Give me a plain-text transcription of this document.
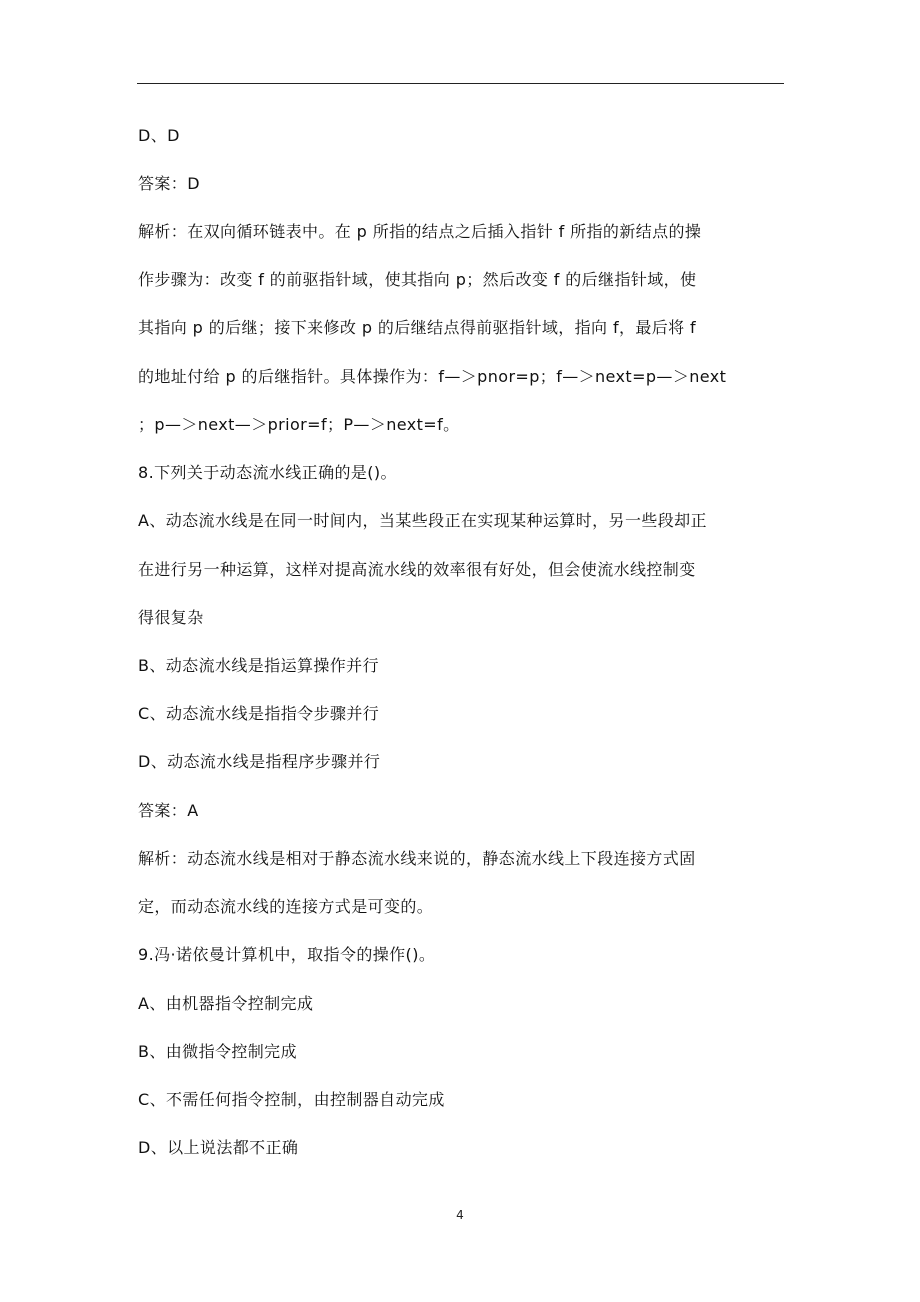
D、D
答案：D
解析：在双向循环链表中。在 p 所指的结点之后插入指针 f 所指的新结点的操
作步骤为：改变 f 的前驱指针域，使其指向 p；然后改变 f 的后继指针域，使
其指向 p 的后继；接下来修改 p 的后继结点得前驱指针域，指向 f，最后将 f
的地址付给 p 的后继指针。具体操作为：f—＞pnor=p；f—＞next=p—＞next
；p—＞next—＞prior=f；P—＞next=f。
8.下列关于动态流水线正确的是()。
A、动态流水线是在同一时间内，当某些段正在实现某种运算时，另一些段却正
在进行另一种运算，这样对提高流水线的效率很有好处，但会使流水线控制变
得很复杂
B、动态流水线是指运算操作并行
C、动态流水线是指指令步骤并行
D、动态流水线是指程序步骤并行
答案：A
解析：动态流水线是相对于静态流水线来说的，静态流水线上下段连接方式固
定，而动态流水线的连接方式是可变的。
9.冯·诺依曼计算机中，取指令的操作()。
A、由机器指令控制完成
B、由微指令控制完成
C、不需任何指令控制，由控制器自动完成
D、以上说法都不正确
4
